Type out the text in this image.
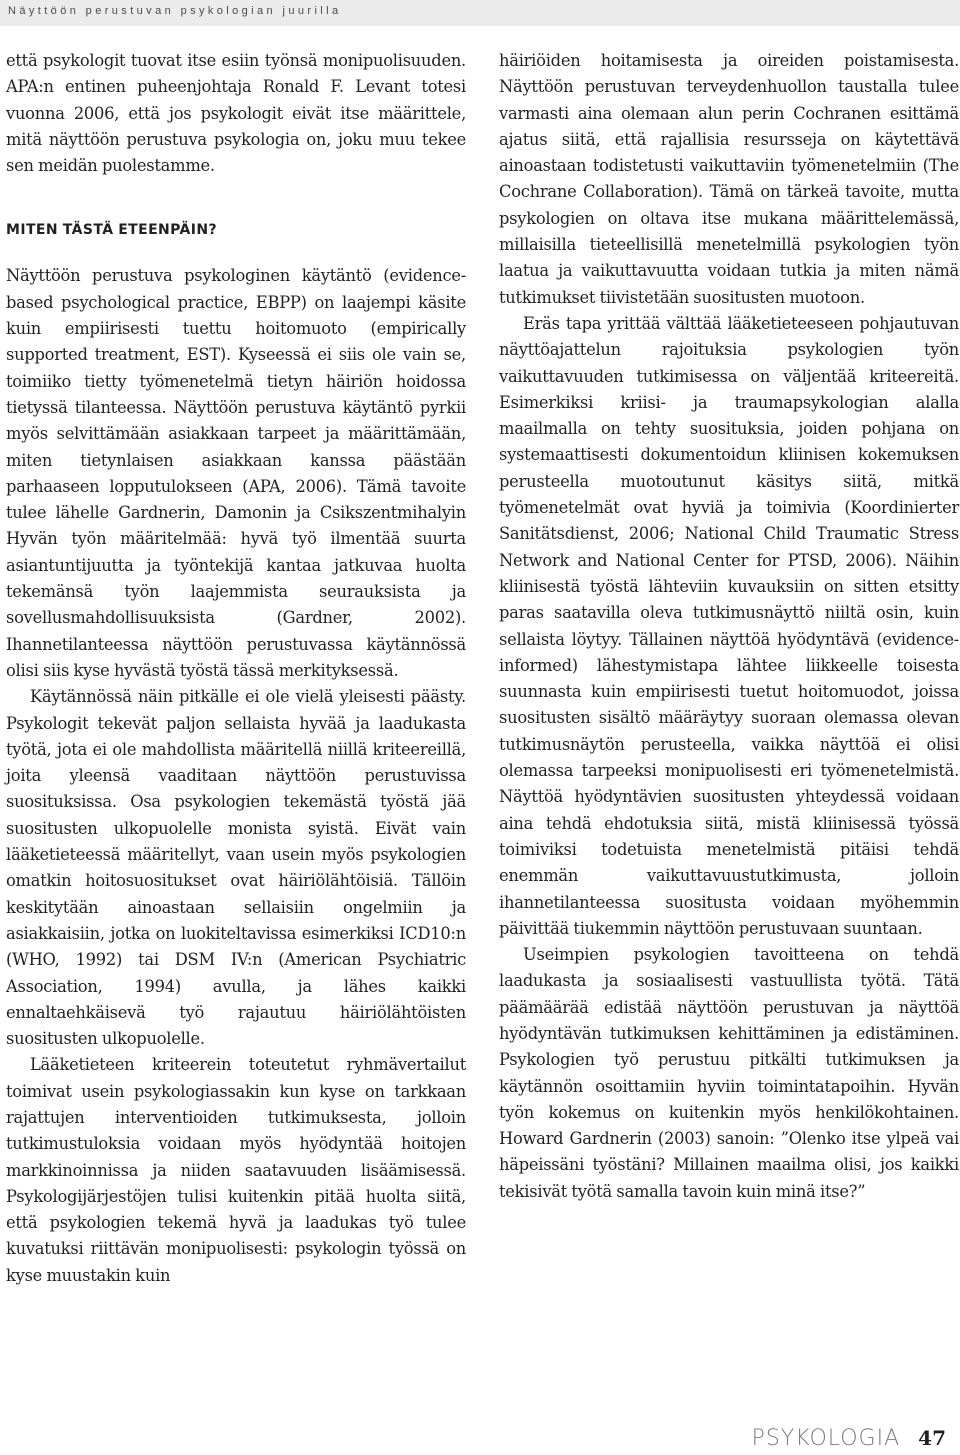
Näyttöön perustuvan psykologian juurilla

että psykologit tuovat itse esiin työnsä monipuolisuuden. APA:n entinen puheenjohtaja Ronald F. Levant totesi vuonna 2006, että jos psykologit eivät itse määrittele, mitä näyttöön perustuva psykologia on, joku muu tekee sen meidän puolestamme.

MITEN TÄSTÄ ETEENPÄIN?

Näyttöön perustuva psykologinen käytäntö (evidence-based psychological practice, EBPP) on laajempi käsite kuin empiirisesti tuettu hoitomuoto (empirically supported treatment, EST). Kyseessä ei siis ole vain se, toimiiko tietty työmenetelmä tietyn häiriön hoidossa tietyssä tilanteessa. Näyttöön perustuva käytäntö pyrkii myös selvittämään asiakkaan tarpeet ja määrittämään, miten tietynlaisen asiakkaan kanssa päästään parhaaseen lopputulokseen (APA, 2006). Tämä tavoite tulee lähelle Gardnerin, Damonin ja Csikszentmihalyin Hyvän työn määritelmää: hyvä työ ilmentää suurta asiantuntijuutta ja työntekijä kantaa jatkuvaa huolta tekemänsä työn laajemmista seurauksista ja sovellusmahdollisuuksista (Gardner, 2002). Ihannetilanteessa näyttöön perustuvassa käytännössä olisi siis kyse hyvästä työstä tässä merkityksessä.

Käytännössä näin pitkälle ei ole vielä yleisesti päästy. Psykologit tekevät paljon sellaista hyvää ja laadukasta työtä, jota ei ole mahdollista määritellä niillä kriteereillä, joita yleensä vaaditaan näyttöön perustuvissa suosituksissa. Osa psykologien tekemästä työstä jää suositusten ulkopuolelle monista syistä. Eivät vain lääketieteessä määritellyt, vaan usein myös psykologien omatkin hoitosuositukset ovat häiriölähtöisiä. Tällöin keskitytään ainoastaan sellaisiin ongelmiin ja asiakkaisiin, jotka on luokiteltavissa esimerkiksi ICD10:n (WHO, 1992) tai DSM IV:n (American Psychiatric Association, 1994) avulla, ja lähes kaikki ennaltaehkäisevä työ rajautuu häiriölähtöisten suositusten ulkopuolelle.

Lääketieteen kriteerein toteutetut ryhmävertailut toimivat usein psykologiassakin kun kyse on tarkkaan rajattujen interventioiden tutkimuksesta, jolloin tutkimustuloksia voidaan myös hyödyntää hoitojen markkinoinnissa ja niiden saatavuuden lisäämisessä. Psykologijärjestöjen tulisi kuitenkin pitää huolta siitä, että psykologien tekemä hyvä ja laadukas työ tulee kuvatuksi riittävän monipuolisesti: psykologin työssä on kyse muustakin kuin

häiriöiden hoitamisesta ja oireiden poistamisesta. Näyttöön perustuvan terveydenhuollon taustalla tulee varmasti aina olemaan alun perin Cochranen esittämä ajatus siitä, että rajallisia resursseja on käytettävä ainoastaan todistetusti vaikuttaviin työmenetelmiin (The Cochrane Collaboration). Tämä on tärkeä tavoite, mutta psykologien on oltava itse mukana määrittelemässä, millaisilla tieteellisillä menetelmillä psykologien työn laatua ja vaikuttavuutta voidaan tutkia ja miten nämä tutkimukset tiivistetään suositusten muotoon.

Eräs tapa yrittää välttää lääketieteeseen pohjautuvan näyttöajattelun rajoituksia psykologien työn vaikuttavuuden tutkimisessa on väljentää kriteereitä. Esimerkiksi kriisi- ja traumapsykologian alalla maailmalla on tehty suosituksia, joiden pohjana on systemaattisesti dokumentoidun kliinisen kokemuksen perusteella muotoutunut käsitys siitä, mitkä työmenetelmät ovat hyviä ja toimivia (Koordinierter Sanitätsdienst, 2006; National Child Traumatic Stress Network and National Center for PTSD, 2006). Näihin kliinisestä työstä lähteviin kuvauksiin on sitten etsitty paras saatavilla oleva tutkimusnäyttö niiltä osin, kuin sellaista löytyy. Tällainen näyttöä hyödyntävä (evidence-informed) lähestymistapa lähtee liikkeelle toisesta suunnasta kuin empiirisesti tuetut hoitomuodot, joissa suositusten sisältö määräytyy suoraan olemassa olevan tutkimusnäytön perusteella, vaikka näyttöä ei olisi olemassa tarpeeksi monipuolisesti eri työmenetelmistä. Näyttöä hyödyntävien suositusten yhteydessä voidaan aina tehdä ehdotuksia siitä, mistä kliinisessä työssä toimiviksi todetuista menetelmistä pitäisi tehdä enemmän vaikuttavuustutkimusta, jolloin ihannetilanteessa suositusta voidaan myöhemmin päivittää tiukemmin näyttöön perustuvaan suuntaan.

Useimpien psykologien tavoitteena on tehdä laadukasta ja sosiaalisesti vastuullista työtä. Tätä päämäärää edistää näyttöön perustuvan ja näyttöä hyödyntävän tutkimuksen kehittäminen ja edistäminen. Psykologien työ perustuu pitkälti tutkimuksen ja käytännön osoittamiin hyviin toimintatapoihin. Hyvän työn kokemus on kuitenkin myös henkilökohtainen. Howard Gardnerin (2003) sanoin: ”Olenko itse ylpeä vai häpeissäni työstäni? Millainen maailma olisi, jos kaikki tekisivät työtä samalla tavoin kuin minä itse?”

PSYKOLOGIA 47
